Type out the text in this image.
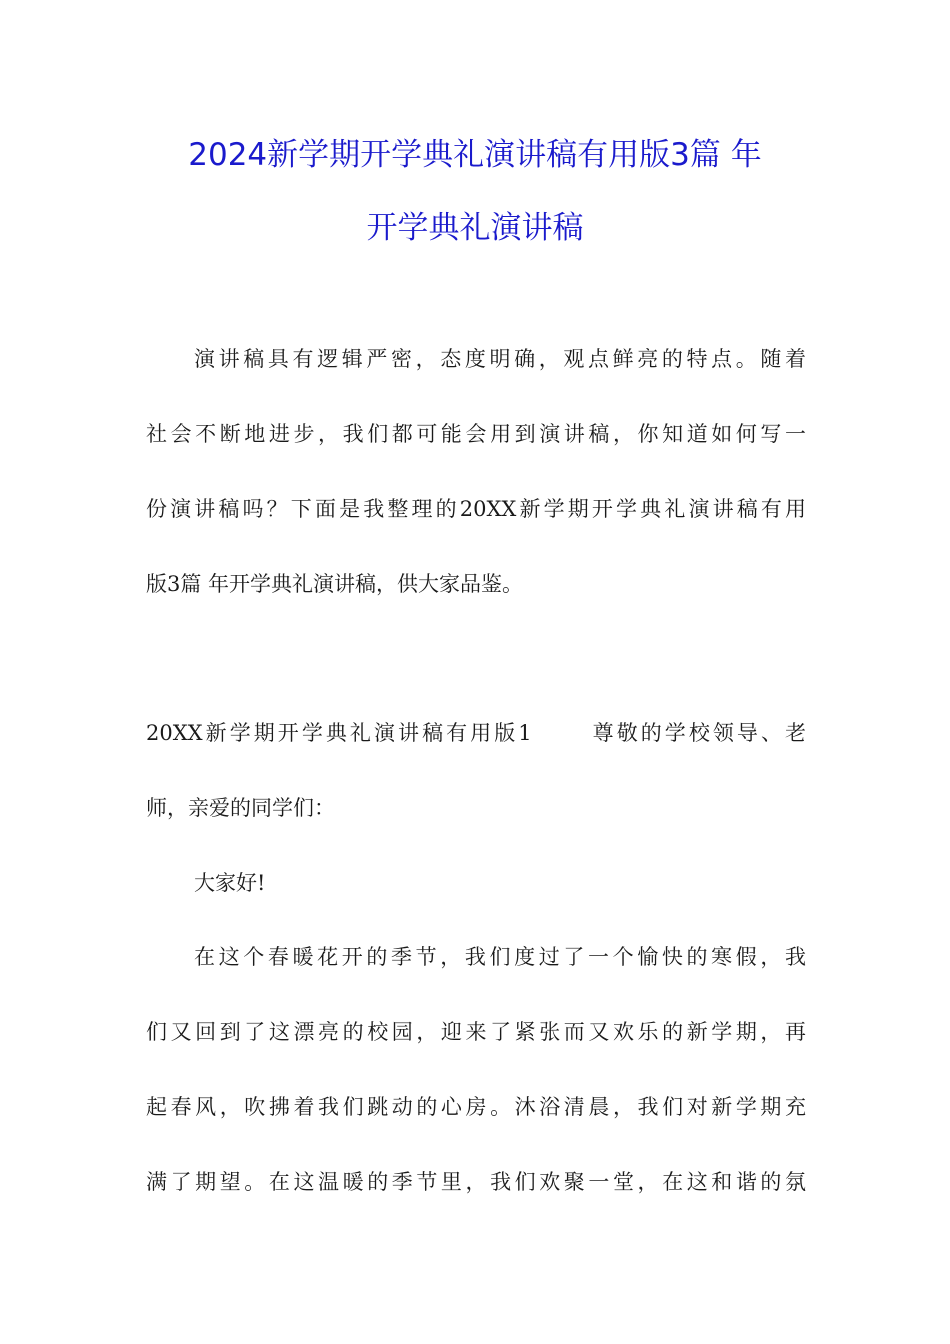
2024新学期开学典礼演讲稿有用版3篇 年
开学典礼演讲稿
演讲稿具有逻辑严密，态度明确，观点鲜亮的特点。随着
社会不断地进步，我们都可能会用到演讲稿，你知道如何写一
份演讲稿吗？下面是我整理的20XX新学期开学典礼演讲稿有用
版3篇 年开学典礼演讲稿，供大家品鉴。
20XX新学期开学典礼演讲稿有用版1	尊敬的学校领导、老
师，亲爱的同学们：
大家好!
在这个春暖花开的季节，我们度过了一个愉快的寒假，我
们又回到了这漂亮的校园，迎来了紧张而又欢乐的新学期，再
起春风，吹拂着我们跳动的心房。沐浴清晨，我们对新学期充
满了期望。在这温暖的季节里，我们欢聚一堂，在这和谐的氛
